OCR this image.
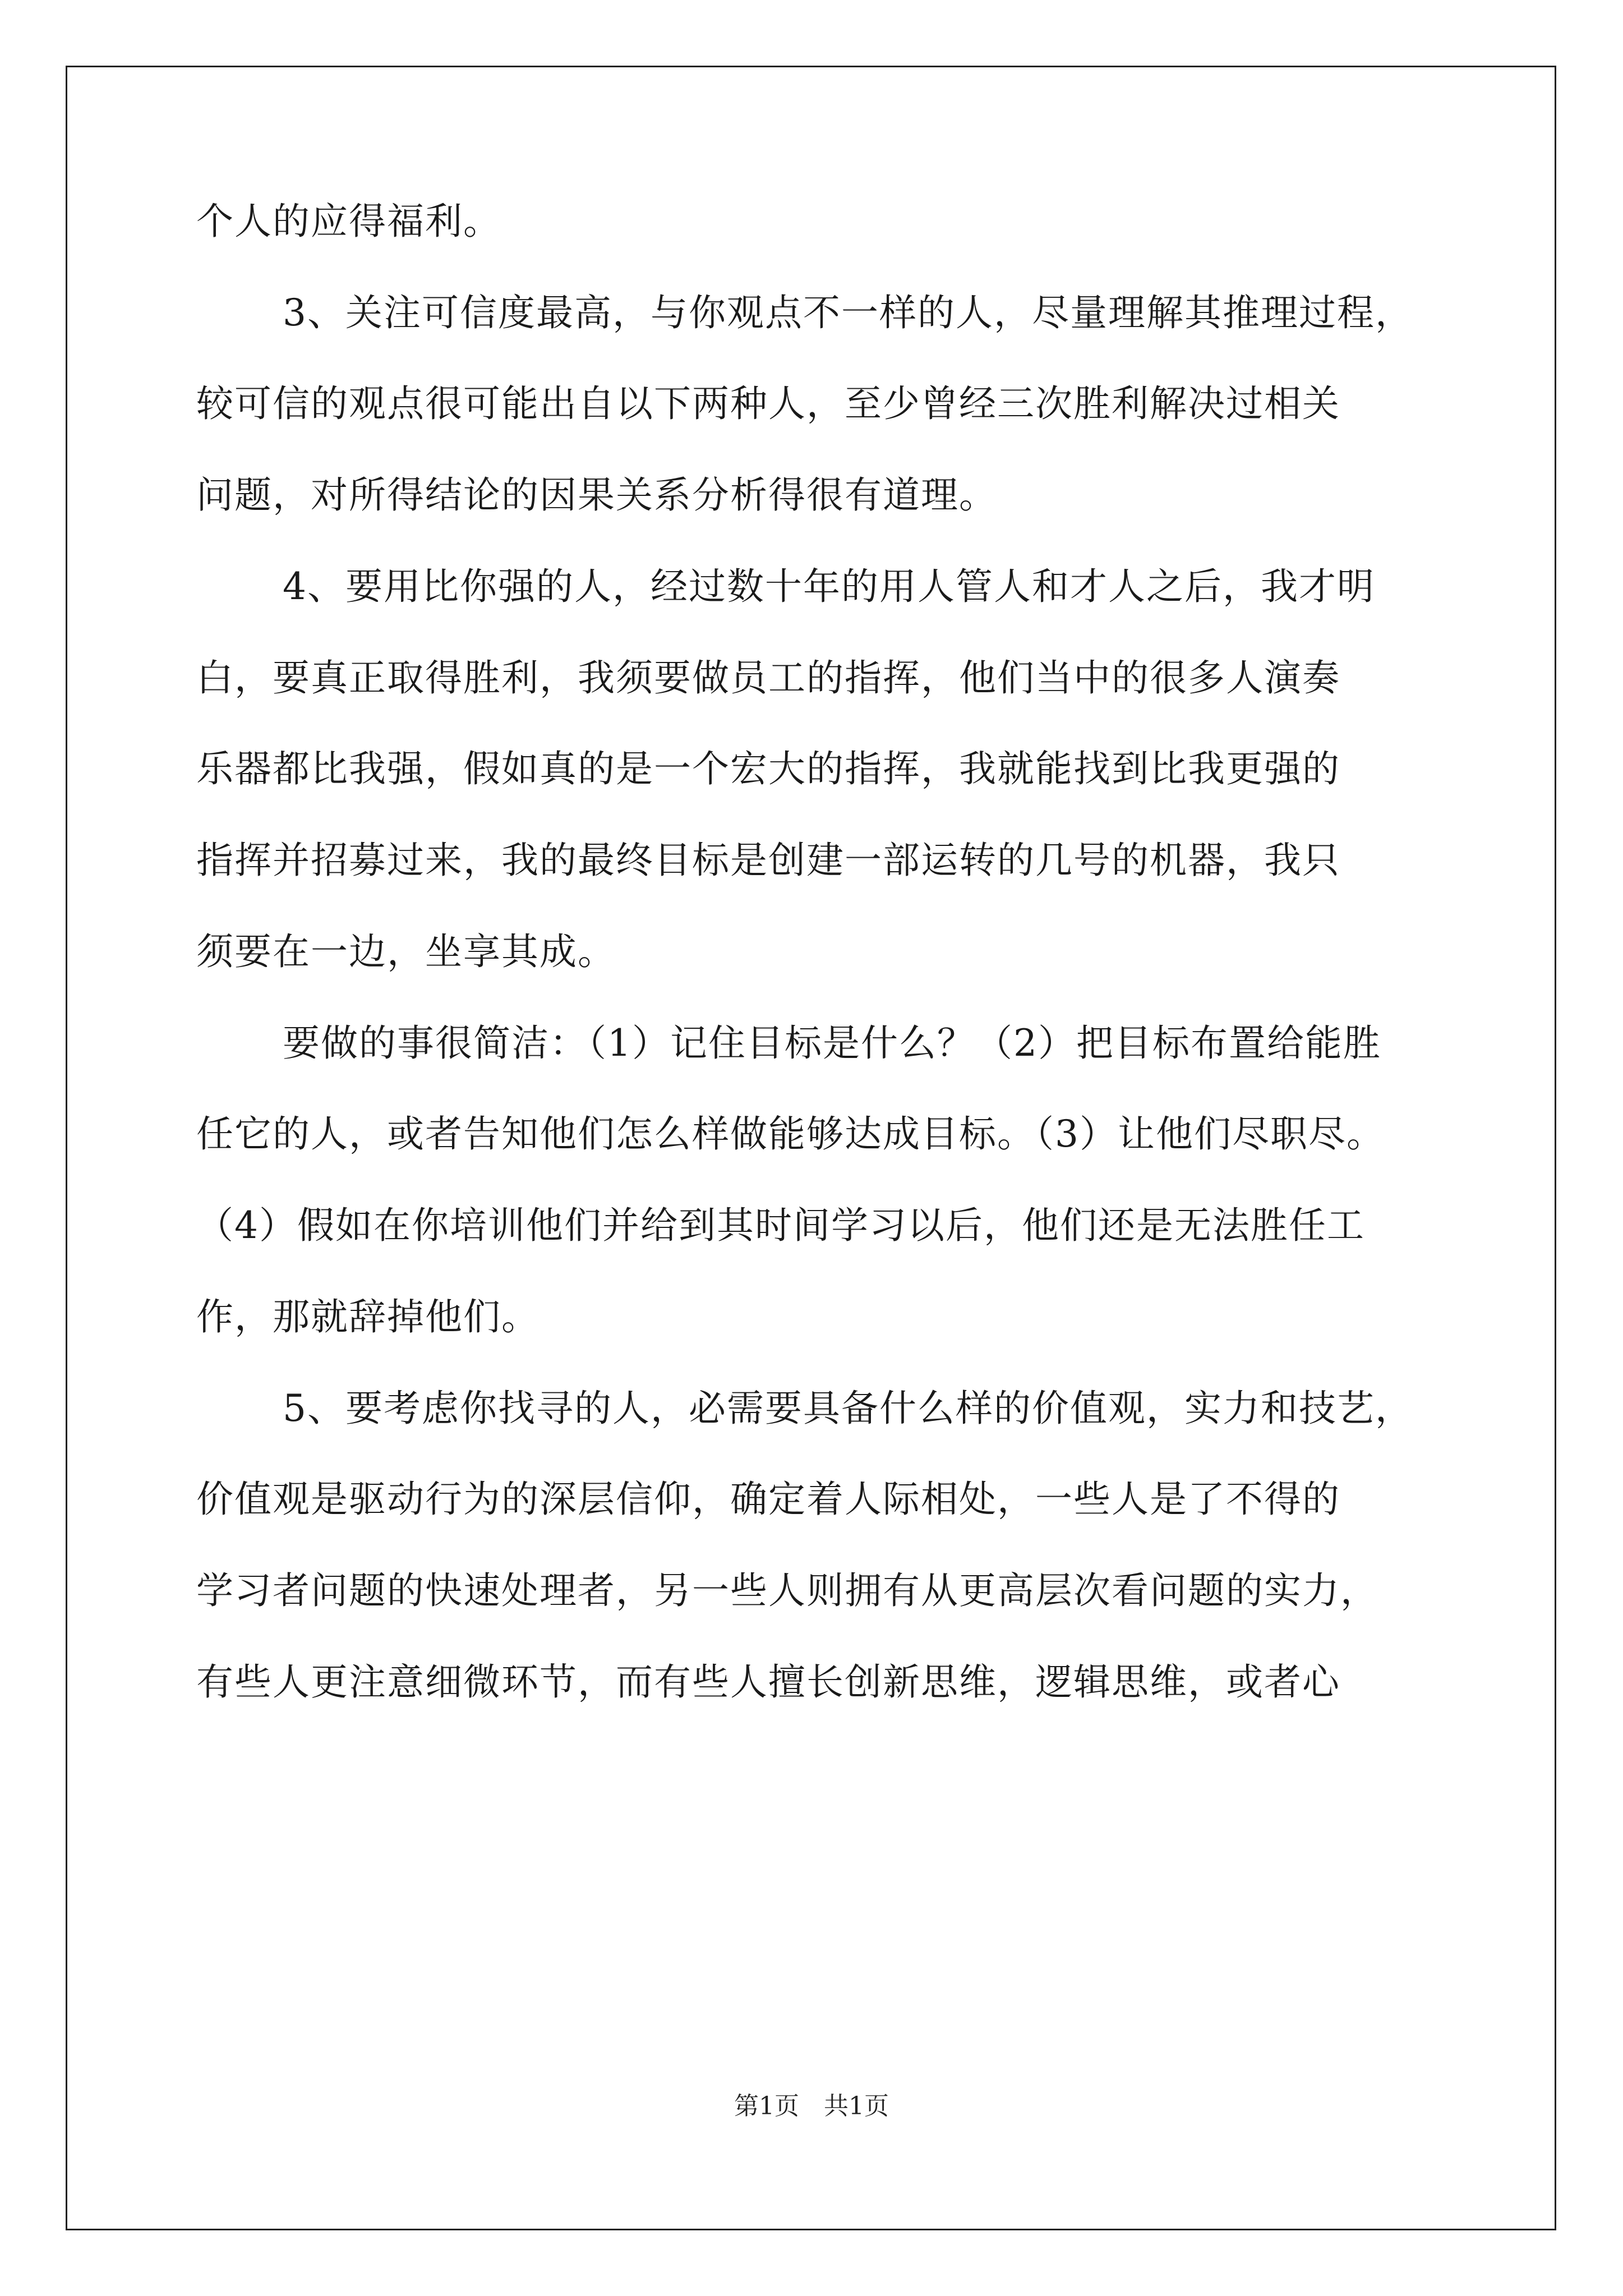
个人的应得福利。
3、关注可信度最高，与你观点不一样的人，尽量理解其推理过程，
较可信的观点很可能出自以下两种人，至少曾经三次胜利解决过相关
问题，对所得结论的因果关系分析得很有道理。
4、要用比你强的人，经过数十年的用人管人和才人之后，我才明
白，要真正取得胜利，我须要做员工的指挥，他们当中的很多人演奏
乐器都比我强，假如真的是一个宏大的指挥，我就能找到比我更强的
指挥并招募过来，我的最终目标是创建一部运转的几号的机器，我只
须要在一边，坐享其成。
要做的事很简洁：（1）记住目标是什么？（2）把目标布置给能胜
任它的人，或者告知他们怎么样做能够达成目标。（3）让他们尽职尽。
（4）假如在你培训他们并给到其时间学习以后，他们还是无法胜任工
作，那就辞掉他们。
5、要考虑你找寻的人，必需要具备什么样的价值观，实力和技艺，
价值观是驱动行为的深层信仰，确定着人际相处，一些人是了不得的
学习者问题的快速处理者，另一些人则拥有从更高层次看问题的实力，
有些人更注意细微环节，而有些人擅长创新思维，逻辑思维，或者心
第1页　共1页
